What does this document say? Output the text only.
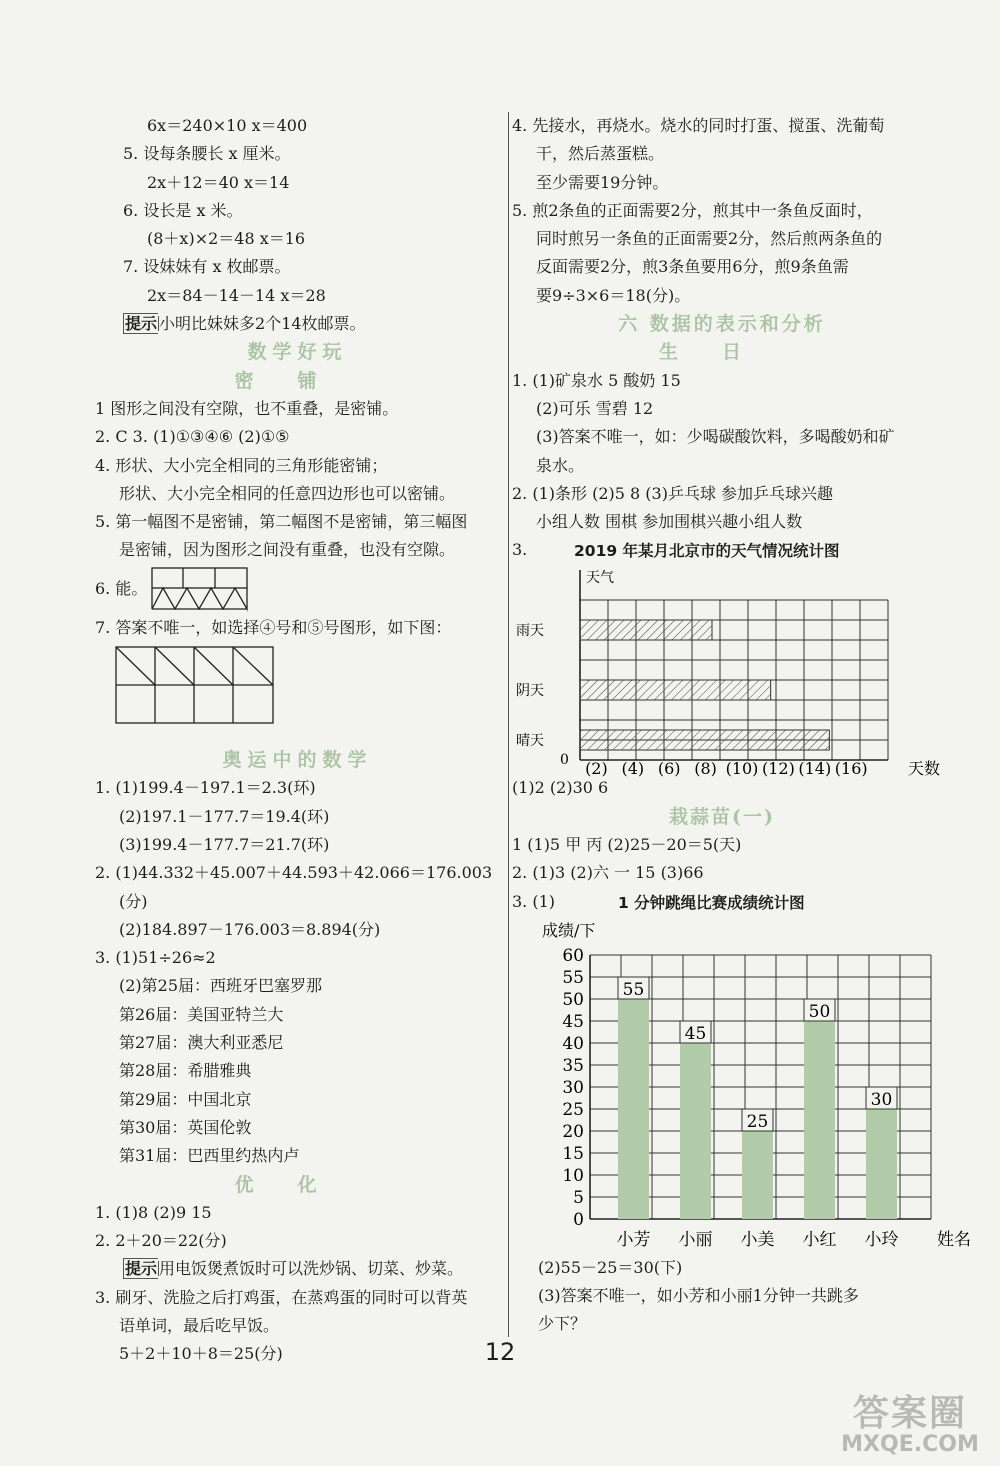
6x＝240×10 x＝400
5. 设每条腰长 x 厘米。
2x＋12＝40 x＝14
6. 设长是 x 米。
(8＋x)×2＝48 x＝16
7. 设妹妹有 x 枚邮票。
2x＝84－14－14 x＝28
提示 小明比妹妹多2个14枚邮票。
数学好玩
密铺
1 图形之间没有空隙，也不重叠，是密铺。
2. C 3. (1)①③④⑥ (2)①⑤
4. 形状、大小完全相同的三角形能密铺；
形状、大小完全相同的任意四边形也可以密铺。
5. 第一幅图不是密铺，第二幅图不是密铺，第三幅图
是密铺，因为图形之间没有重叠，也没有空隙。
6. 能。
7. 答案不唯一，如选择④号和⑤号图形，如下图：
奥运中的数学
1. (1)199.4－197.1＝2.3(环)
(2)197.1－177.7＝19.4(环)
(3)199.4－177.7＝21.7(环)
2. (1)44.332＋45.007＋44.593＋42.066＝176.003
(分)
(2)184.897－176.003＝8.894(分)
3. (1)51÷26≈2
(2)第25届：西班牙巴塞罗那
第26届：美国亚特兰大
第27届：澳大利亚悉尼
第28届：希腊雅典
第29届：中国北京
第30届：英国伦敦
第31届：巴西里约热内卢
优化
1. (1)8 (2)9 15
2. 2＋20＝22(分)
提示 用电饭煲煮饭时可以洗炒锅、切菜、炒菜。
3. 刷牙、洗脸之后打鸡蛋，在蒸鸡蛋的同时可以背英
语单词，最后吃早饭。
5＋2＋10＋8＝25(分)
4. 先接水，再烧水。烧水的同时打蛋、搅蛋、洗葡萄
干，然后蒸蛋糕。
至少需要19分钟。
5. 煎2条鱼的正面需要2分，煎其中一条鱼反面时，
同时煎另一条鱼的正面需要2分，然后煎两条鱼的
反面需要2分，煎3条鱼要用6分，煎9条鱼需
要9÷3×6＝18(分)。
六 数据的表示和分析
生日
1. (1)矿泉水 5 酸奶 15
(2)可乐 雪碧 12
(3)答案不唯一，如：少喝碳酸饮料，多喝酸奶和矿
泉水。
2. (1)条形 (2)5 8 (3)乒乓球 参加乒乓球兴趣
小组人数 围棋 参加围棋兴趣小组人数
3.	2019 年某月北京市的天气情况统计图
天气
0
雨天
阴天
晴天
(2) (4) (6) (8) (10) (12) (14) (16)	天数
(1)2 (2)30 6
栽蒜苗(一)
1 (1)5 甲 丙 (2)25－20＝5(天)
2. (1)3 (2)六 一 15 (3)66
3. (1)	1 分钟跳绳比赛成绩统计图
成绩/下
0
5
10
15
20
25
30
35
40
45
50
55
60
55
小芳
45
小丽
25
小美
50
小红
30
小玲 姓名
(2)55－25＝30(下)
(3)答案不唯一，如小芳和小丽1分钟一共跳多
少下？
12
答案圈
MXQE.COM
